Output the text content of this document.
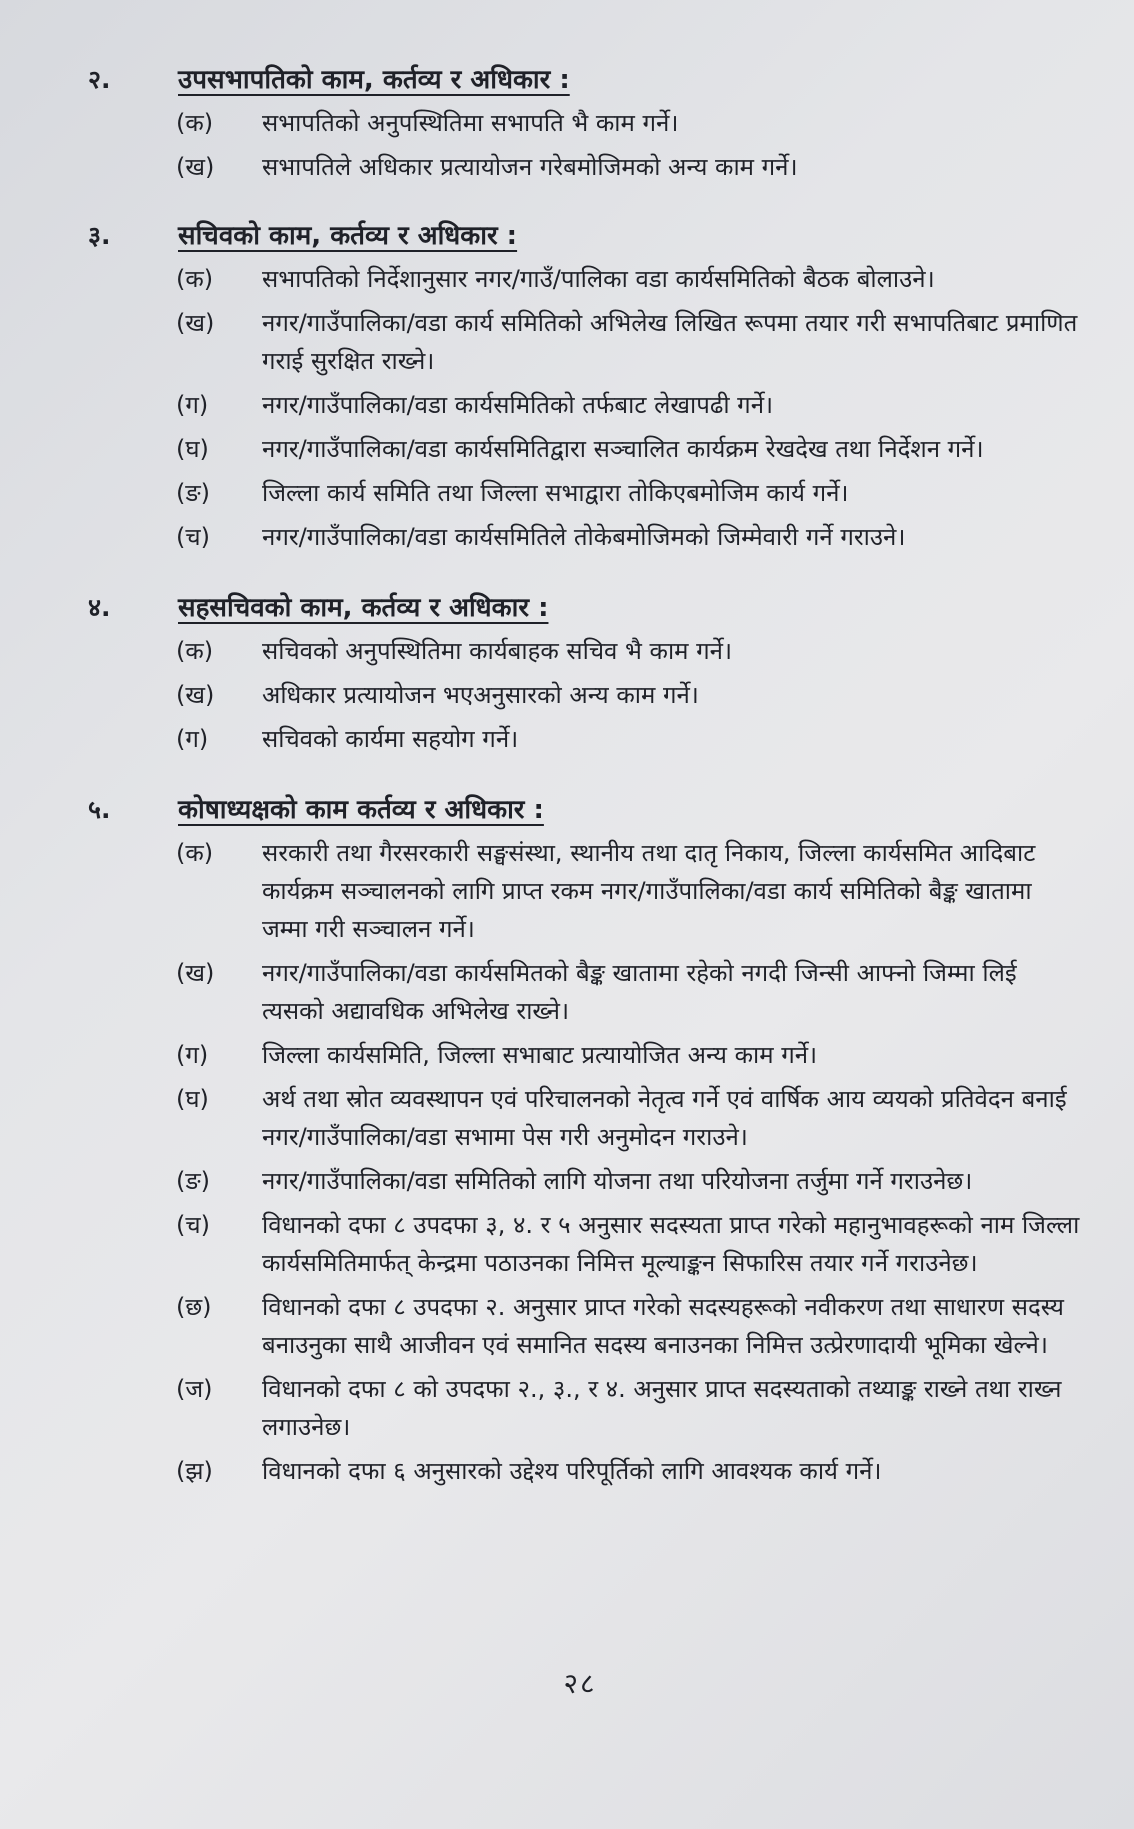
२.	उपसभापतिको काम, कर्तव्य र अधिकार :
(क)	सभापतिको अनुपस्थितिमा सभापति भै काम गर्ने।
(ख)	सभापतिले अधिकार प्रत्यायोजन गरेबमोजिमको अन्य काम गर्ने।
३.	सचिवको काम, कर्तव्य र अधिकार :
(क)	सभापतिको निर्देशानुसार नगर/गाउँ/पालिका वडा कार्यसमितिको बैठक बोलाउने।
(ख)	नगर/गाउँपालिका/वडा कार्य समितिको अभिलेख लिखित रूपमा तयार गरी सभापतिबाट प्रमाणित गराई सुरक्षित राख्ने।
(ग)	नगर/गाउँपालिका/वडा कार्यसमितिको तर्फबाट लेखापढी गर्ने।
(घ)	नगर/गाउँपालिका/वडा कार्यसमितिद्वारा सञ्चालित कार्यक्रम रेखदेख तथा निर्देशन गर्ने।
(ङ)	जिल्ला कार्य समिति तथा जिल्ला सभाद्वारा तोकिएबमोजिम कार्य गर्ने।
(च)	नगर/गाउँपालिका/वडा कार्यसमितिले तोकेबमोजिमको जिम्मेवारी गर्ने गराउने।
४.	सहसचिवको काम, कर्तव्य र अधिकार :
(क)	सचिवको अनुपस्थितिमा कार्यबाहक सचिव भै काम गर्ने।
(ख)	अधिकार प्रत्यायोजन भएअनुसारको अन्य काम गर्ने।
(ग)	सचिवको कार्यमा सहयोग गर्ने।
५.	कोषाध्यक्षको काम कर्तव्य र अधिकार :
(क)	सरकारी तथा गैरसरकारी सङ्घसंस्था, स्थानीय तथा दातृ निकाय, जिल्ला कार्यसमित आदिबाट कार्यक्रम सञ्चालनको लागि प्राप्त रकम नगर/गाउँपालिका/वडा कार्य समितिको बैङ्क खातामा जम्मा गरी सञ्चालन गर्ने।
(ख)	नगर/गाउँपालिका/वडा कार्यसमितको बैङ्क खातामा रहेको नगदी जिन्सी आफ्नो जिम्मा लिई त्यसको अद्यावधिक अभिलेख राख्ने।
(ग)	जिल्ला कार्यसमिति, जिल्ला सभाबाट प्रत्यायोजित अन्य काम गर्ने।
(घ)	अर्थ तथा स्रोत व्यवस्थापन एवं परिचालनको नेतृत्व गर्ने एवं वार्षिक आय व्ययको प्रतिवेदन बनाई नगर/गाउँपालिका/वडा सभामा पेस गरी अनुमोदन गराउने।
(ङ)	नगर/गाउँपालिका/वडा समितिको लागि योजना तथा परियोजना तर्जुमा गर्ने गराउनेछ।
(च)	विधानको दफा ८ उपदफा ३, ४. र ५ अनुसार सदस्यता प्राप्त गरेको महानुभावहरूको नाम जिल्ला कार्यसमितिमार्फत् केन्द्रमा पठाउनका निमित्त मूल्याङ्कन सिफारिस तयार गर्ने गराउनेछ।
(छ)	विधानको दफा ८ उपदफा २. अनुसार प्राप्त गरेको सदस्यहरूको नवीकरण तथा साधारण सदस्य बनाउनुका साथै आजीवन एवं समानित सदस्य बनाउनका निमित्त उत्प्रेरणादायी भूमिका खेल्ने।
(ज)	विधानको दफा ८ को उपदफा २., ३., र ४. अनुसार प्राप्त सदस्यताको तथ्याङ्क राख्ने तथा राख्न लगाउनेछ।
(झ)	विधानको दफा ६ अनुसारको उद्देश्य परिपूर्तिको लागि आवश्यक कार्य गर्ने।
२८
